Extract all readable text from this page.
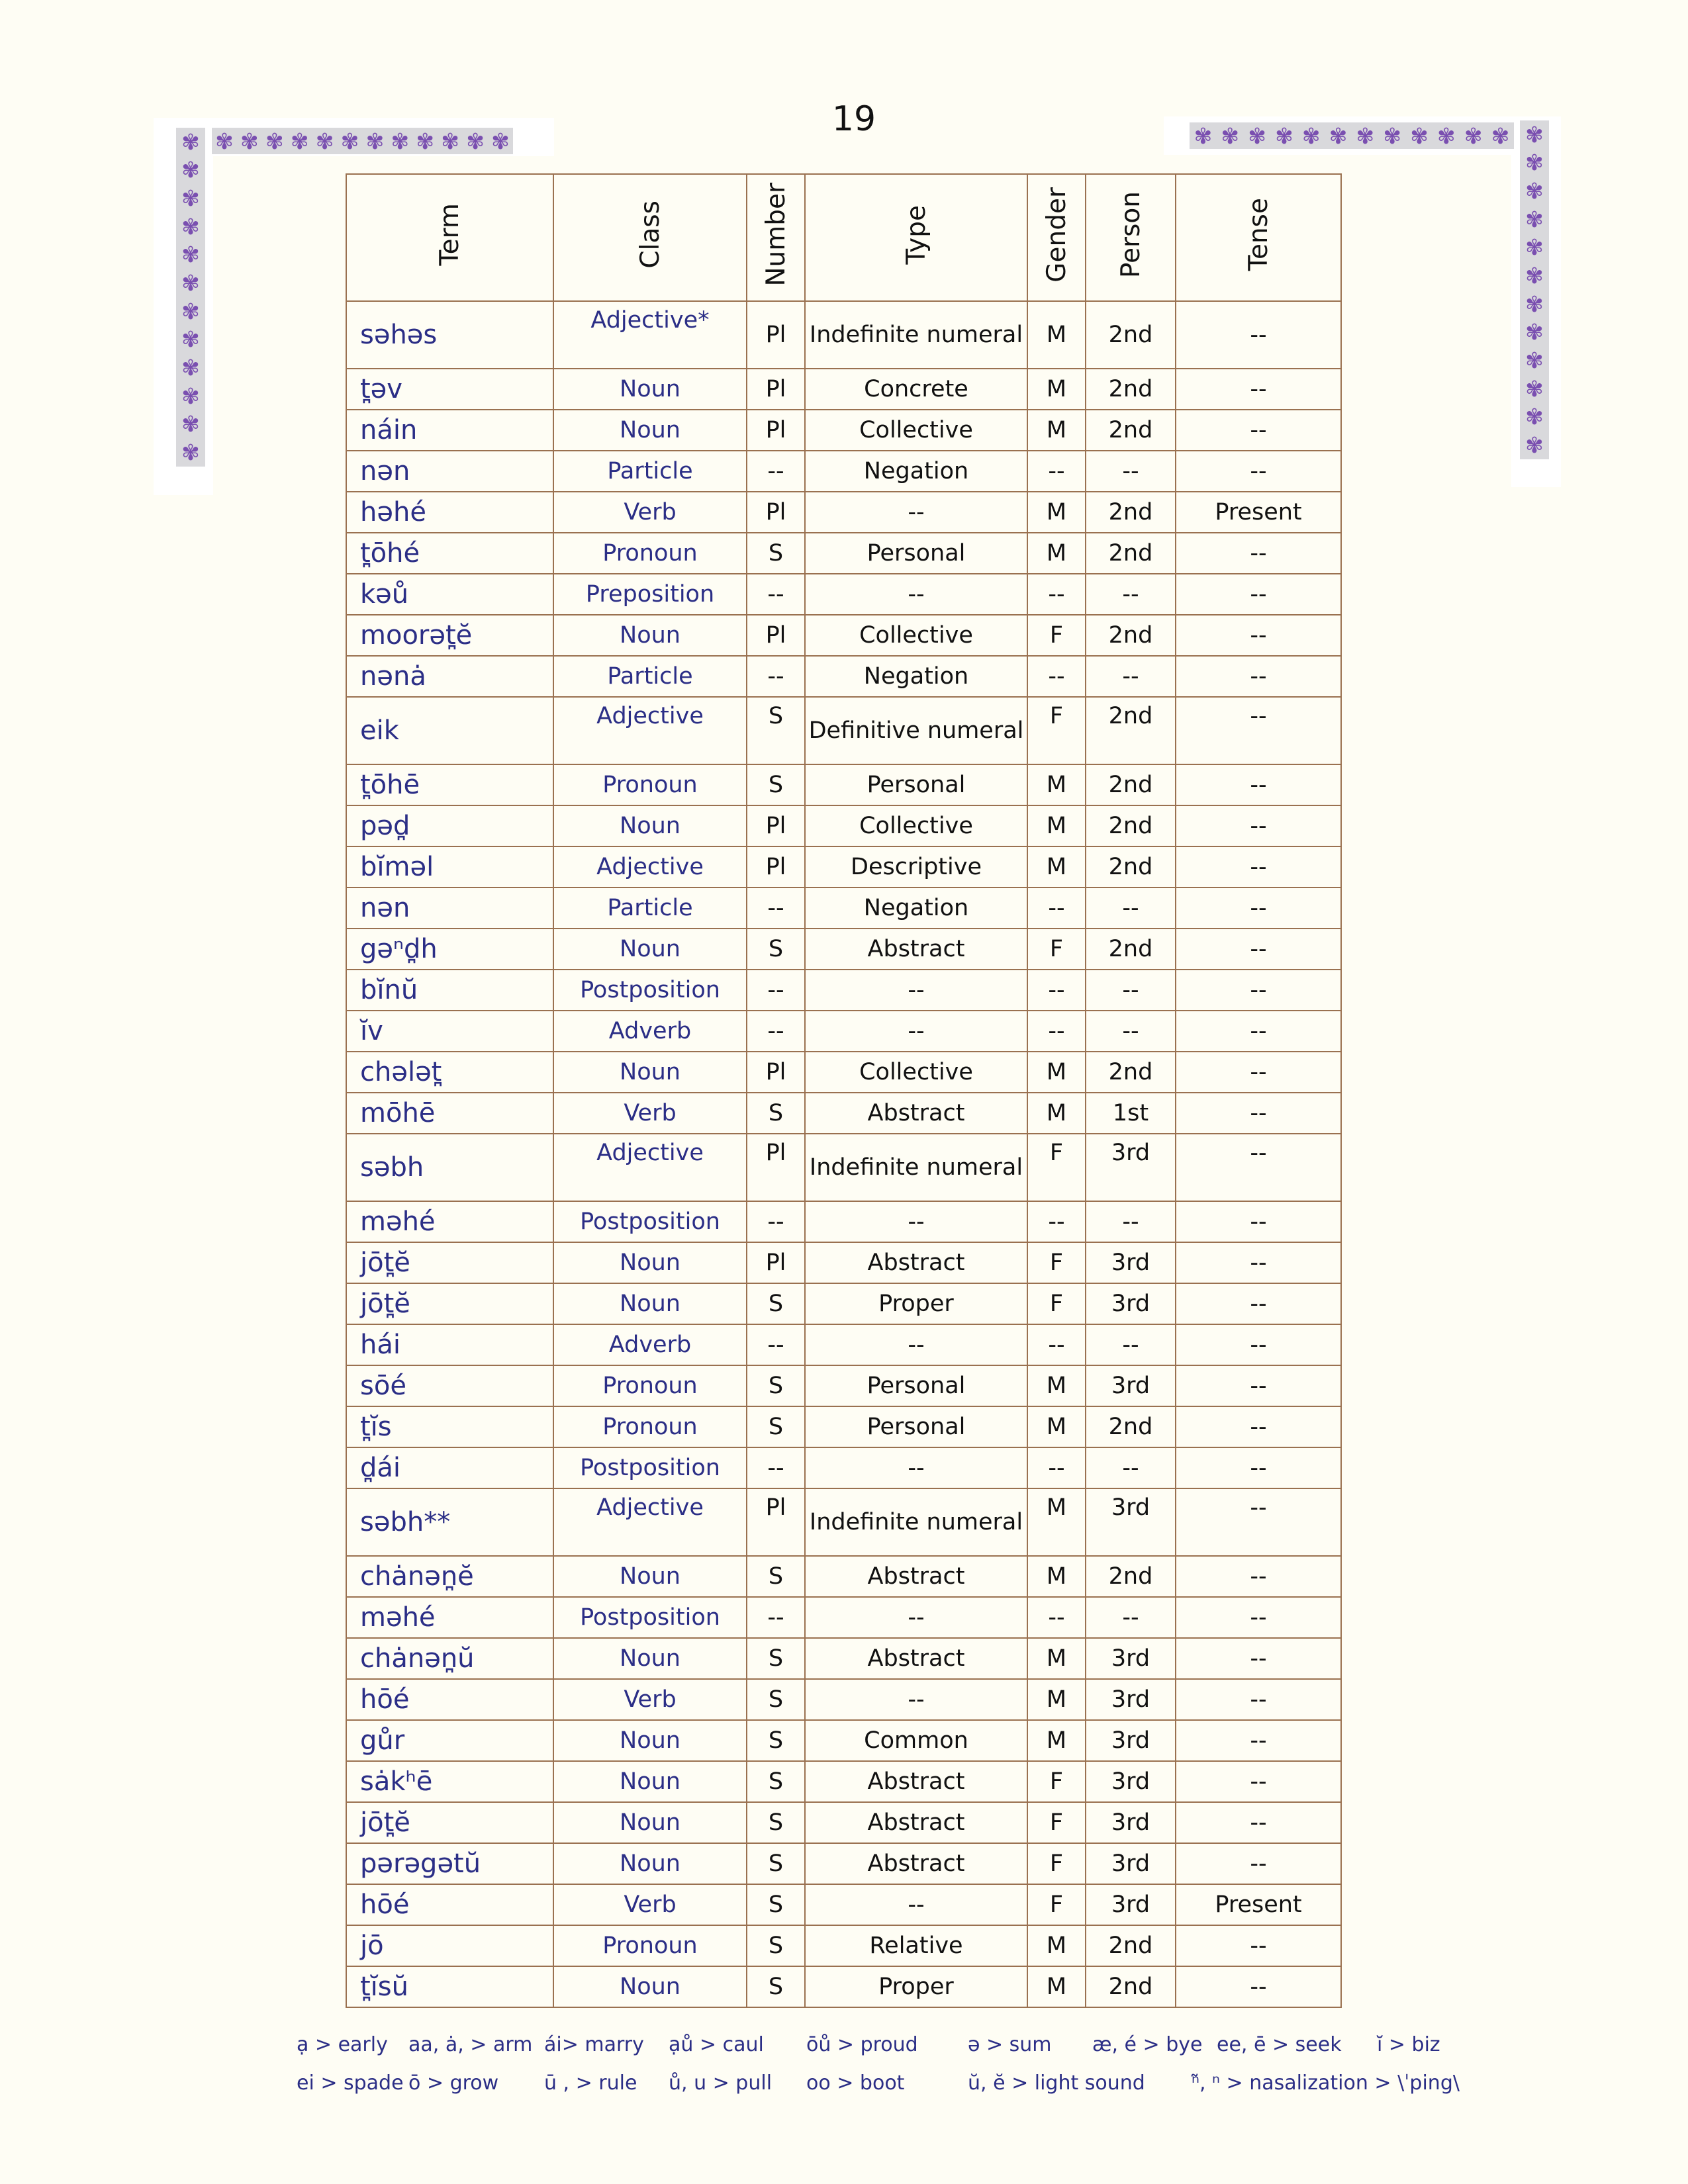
19
✾ ✾ ✾ ✾ ✾ ✾ ✾ ✾ ✾ ✾ ✾ ✾
✾
✾
✾
✾
✾
✾
✾
✾
✾
✾
✾
✾
✾ ✾ ✾ ✾ ✾ ✾ ✾ ✾ ✾ ✾ ✾ ✾ ✾
✾
✾
✾
✾
✾
✾
✾
✾
✾
✾
✾
Term	Class	Number	Type	Gender	Person	Tense
səhəs	Adjective*	Pl	Indefinite numeral	M	2nd	--
t̪əv	Noun	Pl	Concrete	M	2nd	--
náin	Noun	Pl	Collective	M	2nd	--
nən	Particle	--	Negation	--	--	--
həhé	Verb	Pl	--	M	2nd	Present
t̪ōhé	Pronoun	S	Personal	M	2nd	--
kəů	Preposition	--	--	--	--	--
moorət̪ĕ	Noun	Pl	Collective	F	2nd	--
nənȧ	Particle	--	Negation	--	--	--
eik	Adjective	S	Definitive numeral	F	2nd	--
t̪ōhē	Pronoun	S	Personal	M	2nd	--
pəd̪	Noun	Pl	Collective	M	2nd	--
bĭməl	Adjective	Pl	Descriptive	M	2nd	--
nən	Particle	--	Negation	--	--	--
gəⁿd̪h	Noun	S	Abstract	F	2nd	--
bĭnŭ	Postposition	--	--	--	--	--
ĭv	Adverb	--	--	--	--	--
chələt̪	Noun	Pl	Collective	M	2nd	--
mōhē	Verb	S	Abstract	M	1st	--
səbh	Adjective	Pl	Indefinite numeral	F	3rd	--
məhé	Postposition	--	--	--	--	--
jōt̪ĕ	Noun	Pl	Abstract	F	3rd	--
jōt̪ĕ	Noun	S	Proper	F	3rd	--
hái	Adverb	--	--	--	--	--
sōé	Pronoun	S	Personal	M	3rd	--
t̪ĭs	Pronoun	S	Personal	M	2nd	--
d̪ái	Postposition	--	--	--	--	--
səbh**	Adjective	Pl	Indefinite numeral	M	3rd	--
chȧnən̪ĕ	Noun	S	Abstract	M	2nd	--
məhé	Postposition	--	--	--	--	--
chȧnən̪ŭ	Noun	S	Abstract	M	3rd	--
hōé	Verb	S	--	M	3rd	--
gůr	Noun	S	Common	M	3rd	--
sȧkʰē	Noun	S	Abstract	F	3rd	--
jōt̪ĕ	Noun	S	Abstract	F	3rd	--
pərəgətŭ	Noun	S	Abstract	F	3rd	--
hōé	Verb	S	--	F	3rd	Present
jō	Pronoun	S	Relative	M	2nd	--
t̪ĭsŭ	Noun	S	Proper	M	2nd	--
ạ > early aa, ȧ, > arm ái> marry ạů > caul ōů > proud	ə > sum æ, é > bye ee, ē > seek ĭ > biz
ei > spade ō > grow ū , > rule ů, u > pull oo > boot	ŭ, ĕ > light sound ⁿ̃, ⁿ > nasalization > \ˈping\
